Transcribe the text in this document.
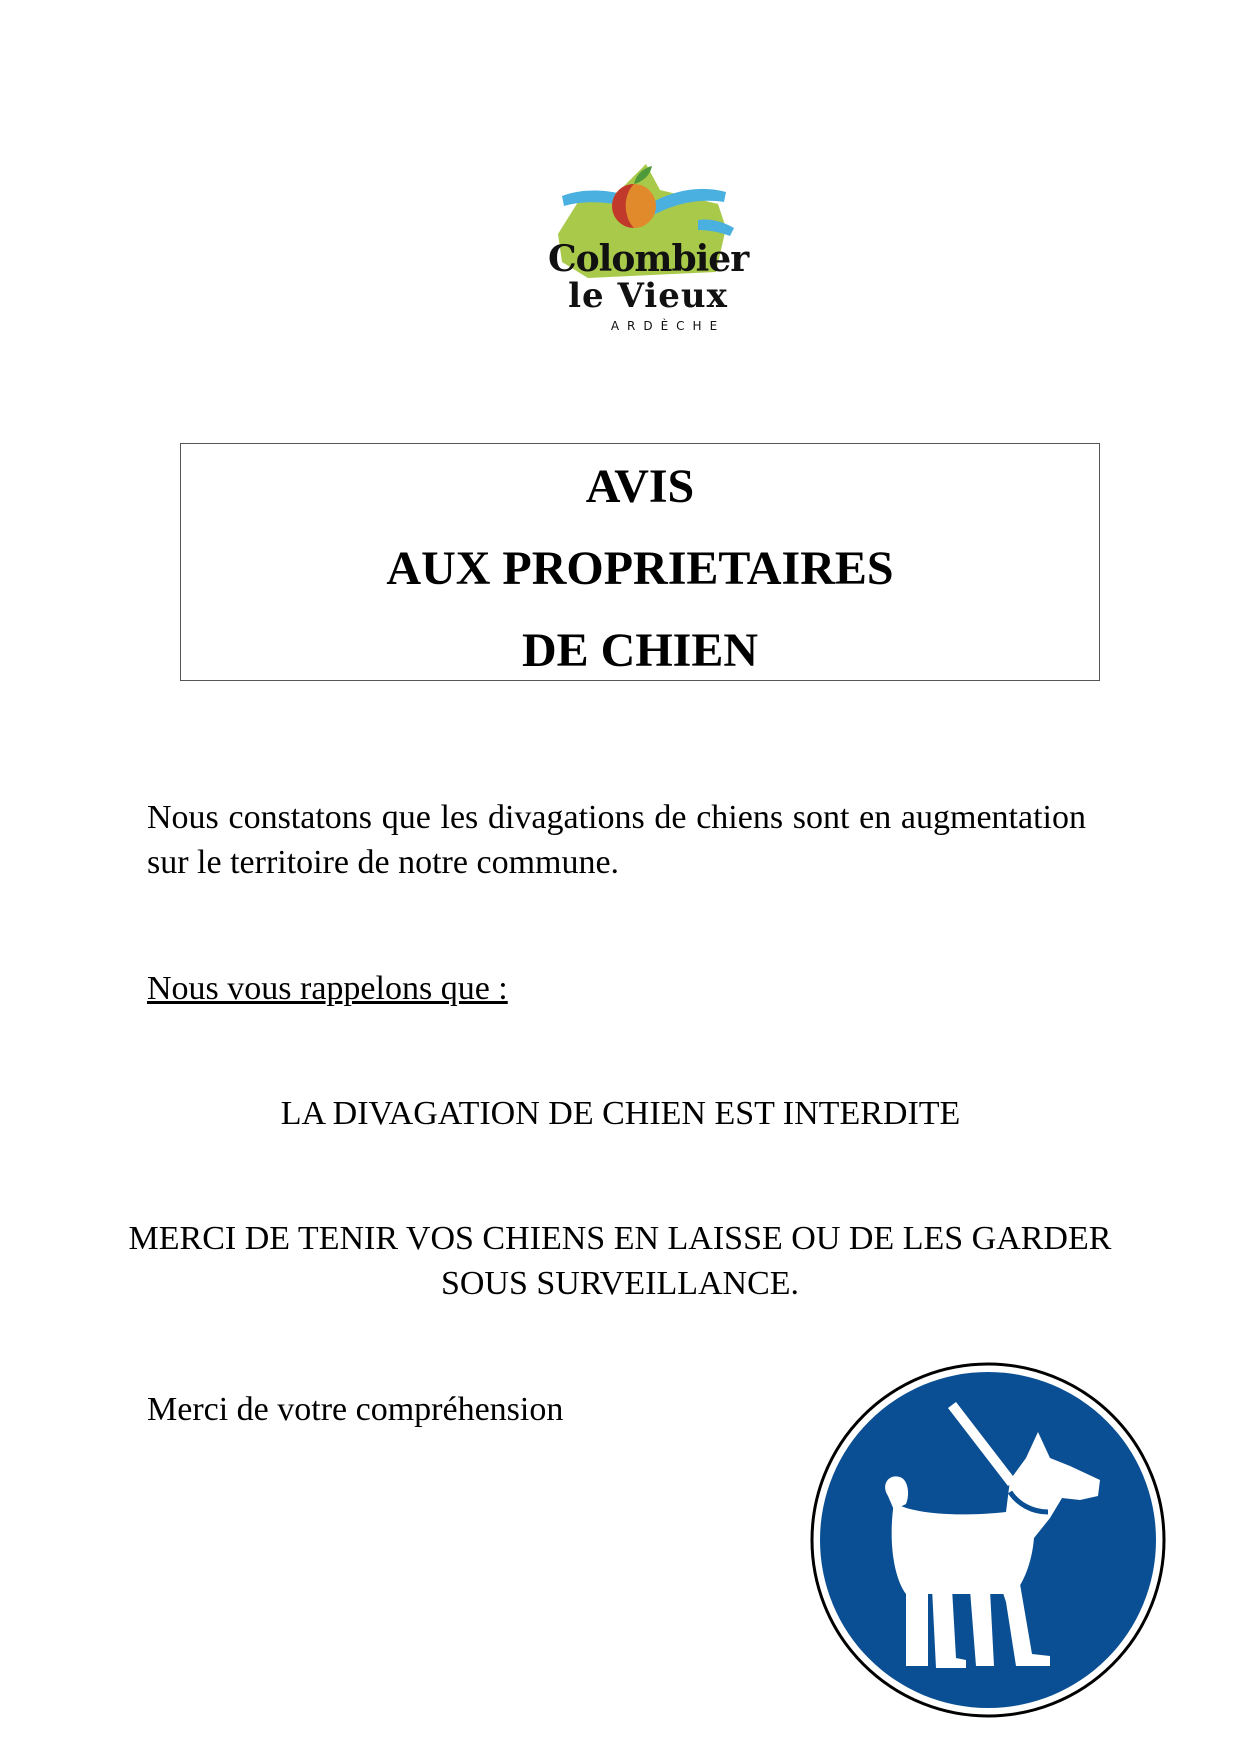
Colombier
le Vieux
ARDÈCHE
AVIS
AUX PROPRIETAIRES
DE CHIEN
Nous constatons que les divagations de chiens sont en augmentation sur le territoire de notre commune.
Nous vous rappelons que :
LA DIVAGATION DE CHIEN EST INTERDITE
MERCI DE TENIR VOS CHIENS EN LAISSE OU DE LES GARDER SOUS SURVEILLANCE.
Merci de votre compréhension
